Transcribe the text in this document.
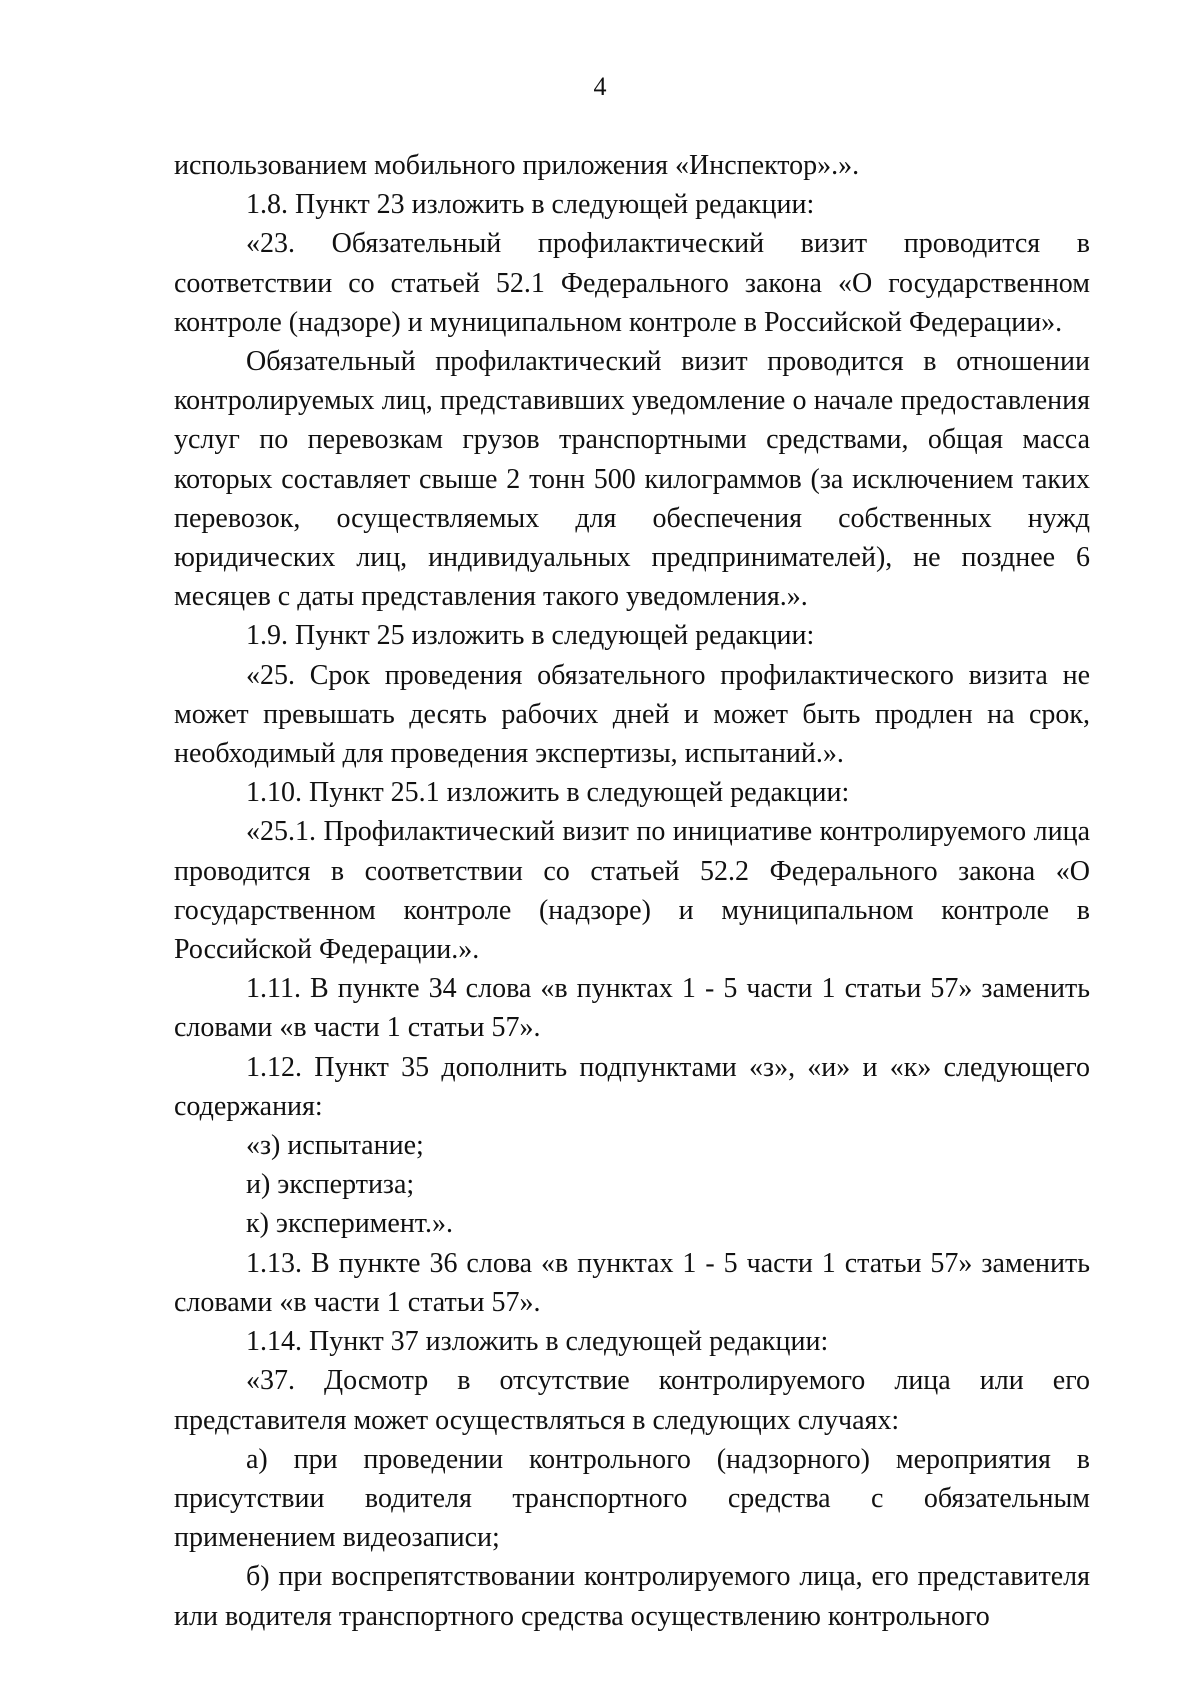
4

использованием мобильного приложения «Инспектор».».

1.8. Пункт 23 изложить в следующей редакции:

«23. Обязательный профилактический визит проводится в соответствии со статьей 52.1 Федерального закона «О государственном контроле (надзоре) и муниципальном контроле в Российской Федерации».

Обязательный профилактический визит проводится в отношении контролируемых лиц, представивших уведомление о начале предоставления услуг по перевозкам грузов транспортными средствами, общая масса которых составляет свыше 2 тонн 500 килограммов (за исключением таких перевозок, осуществляемых для обеспечения собственных нужд юридических лиц, индивидуальных предпринимателей), не позднее 6 месяцев с даты представления такого уведомления.».

1.9. Пункт 25 изложить в следующей редакции:

«25. Срок проведения обязательного профилактического визита не может превышать десять рабочих дней и может быть продлен на срок, необходимый для проведения экспертизы, испытаний.».

1.10. Пункт 25.1 изложить в следующей редакции:

«25.1. Профилактический визит по инициативе контролируемого лица проводится в соответствии со статьей 52.2 Федерального закона «О государственном контроле (надзоре) и муниципальном контроле в Российской Федерации.».

1.11. В пункте 34 слова «в пунктах 1 - 5 части 1 статьи 57» заменить словами «в части 1 статьи 57».

1.12. Пункт 35 дополнить подпунктами «з», «и» и «к» следующего содержания:

«з) испытание;

и) экспертиза;

к) эксперимент.».

1.13. В пункте 36 слова «в пунктах 1 - 5 части 1 статьи 57» заменить словами «в части 1 статьи 57».

1.14. Пункт 37 изложить в следующей редакции:

«37. Досмотр в отсутствие контролируемого лица или его представителя может осуществляться в следующих случаях:

а) при проведении контрольного (надзорного) мероприятия в присутствии водителя транспортного средства с обязательным применением видеозаписи;

б) при воспрепятствовании контролируемого лица, его представителя или водителя транспортного средства осуществлению контрольного
